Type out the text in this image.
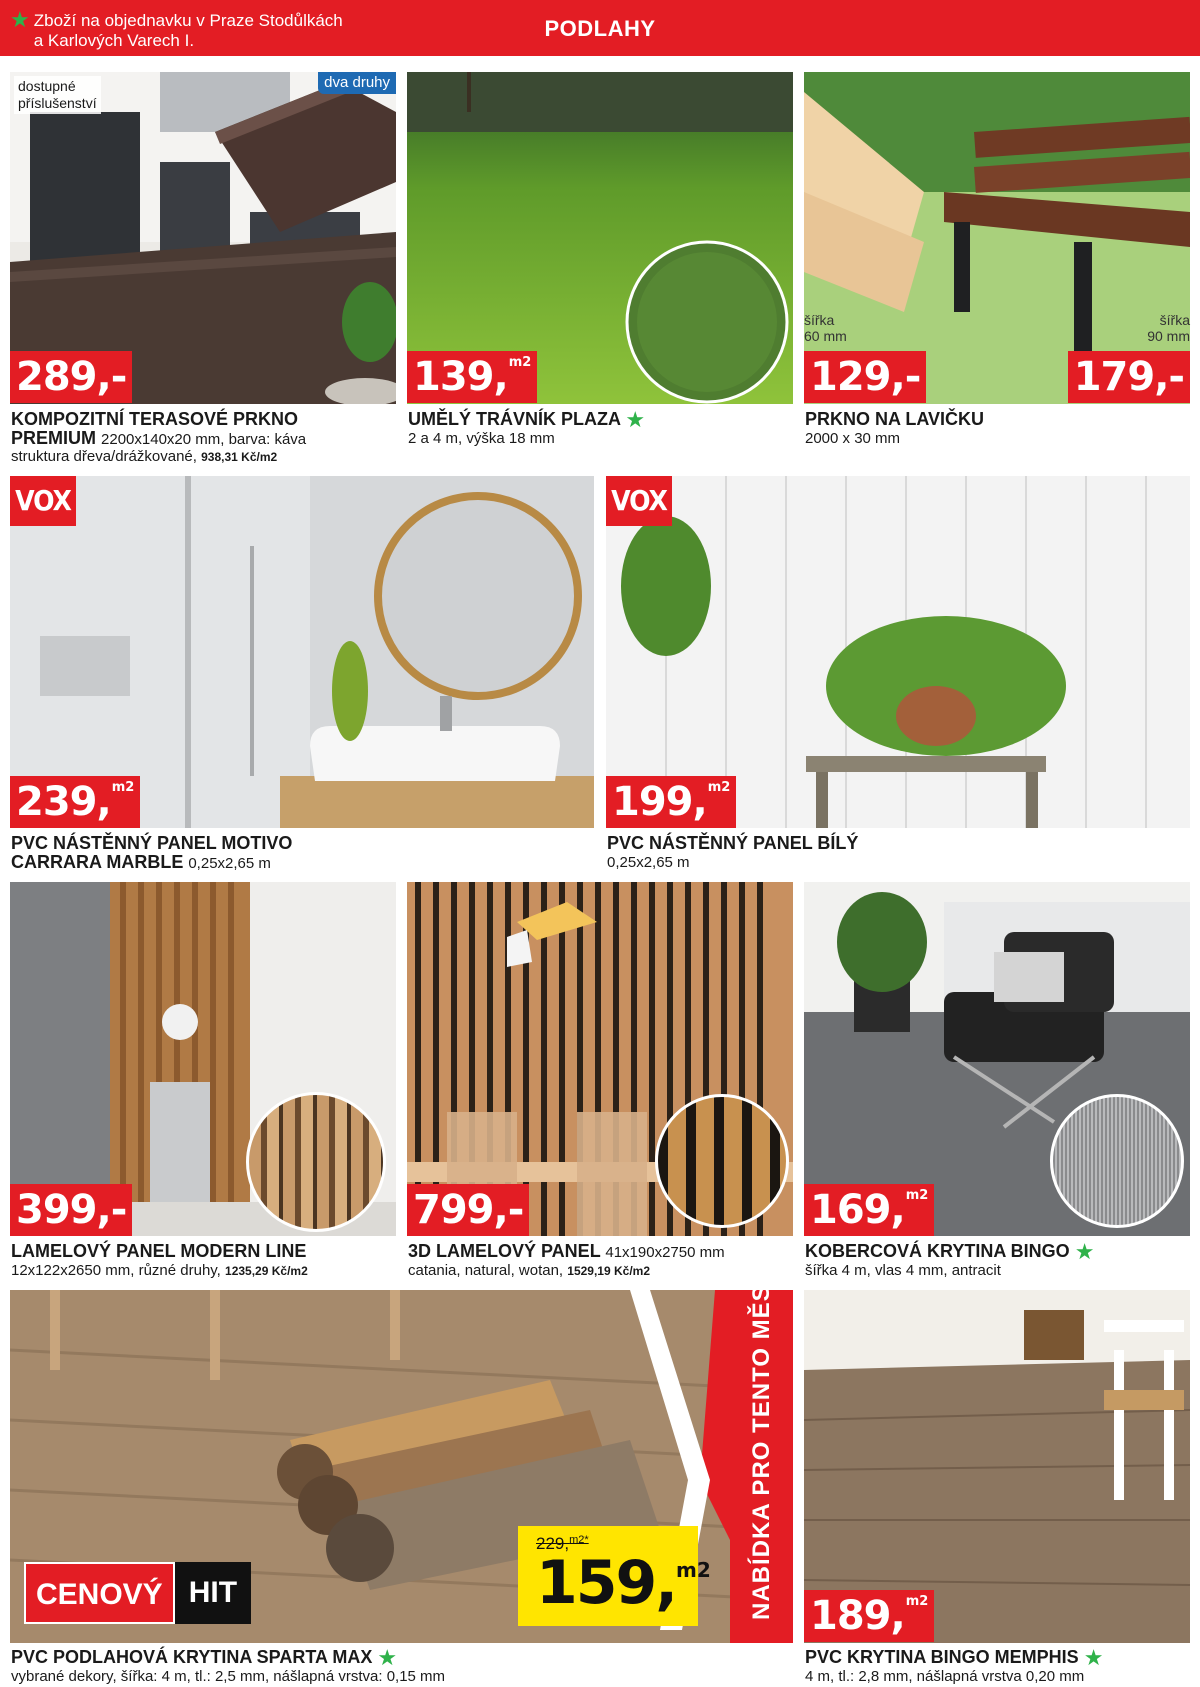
★ Zboží na objednavku v Praze Stodůlkách
a Karlových Varech I.	PODLAHY
dostupné
příslušenství
dva druhy
289,-
KOMPOZITNÍ TERASOVÉ PRKNO
PREMIUM 2200x140x20 mm, barva: káva
struktura dřeva/drážkované, 938,31 Kč/m2
139,$^{m2}$
UMĚLÝ TRÁVNÍK PLAZA ★
2 a 4 m, výška 18 mm
šířka
60 mm
šířka
90 mm
129,-	179,-
PRKNO NA LAVIČKU
2000 x 30 mm
VOX
239,$^{m2}$
PVC NÁSTĚNNÝ PANEL MOTIVO
CARRARA MARBLE 0,25x2,65 m
VOX
199,$^{m2}$
PVC NÁSTĚNNÝ PANEL BÍLÝ
0,25x2,65 m
399,-
LAMELOVÝ PANEL MODERN LINE
12x122x2650 mm, různé druhy, 1235,29 Kč/m2
799,-
3D LAMELOVÝ PANEL 41x190x2750 mm
catania, natural, wotan, 1529,19 Kč/m2
169,$^{m2}$
KOBERCOVÁ KRYTINA BINGO ★
šířka 4 m, vlas 4 mm, antracit
NABÍDKA PRO TENTO MĚSÍC
CENOVÝ HIT
229,$^{m2*}$
159,$^{m2}$
PVC PODLAHOVÁ KRYTINA SPARTA MAX ★
vybrané dekory, šířka: 4 m, tl.: 2,5 mm, nášlapná vrstva: 0,15 mm
189,$^{m2}$
PVC KRYTINA BINGO MEMPHIS ★
4 m, tl.: 2,8 mm, nášlapná vrstva 0,20 mm
